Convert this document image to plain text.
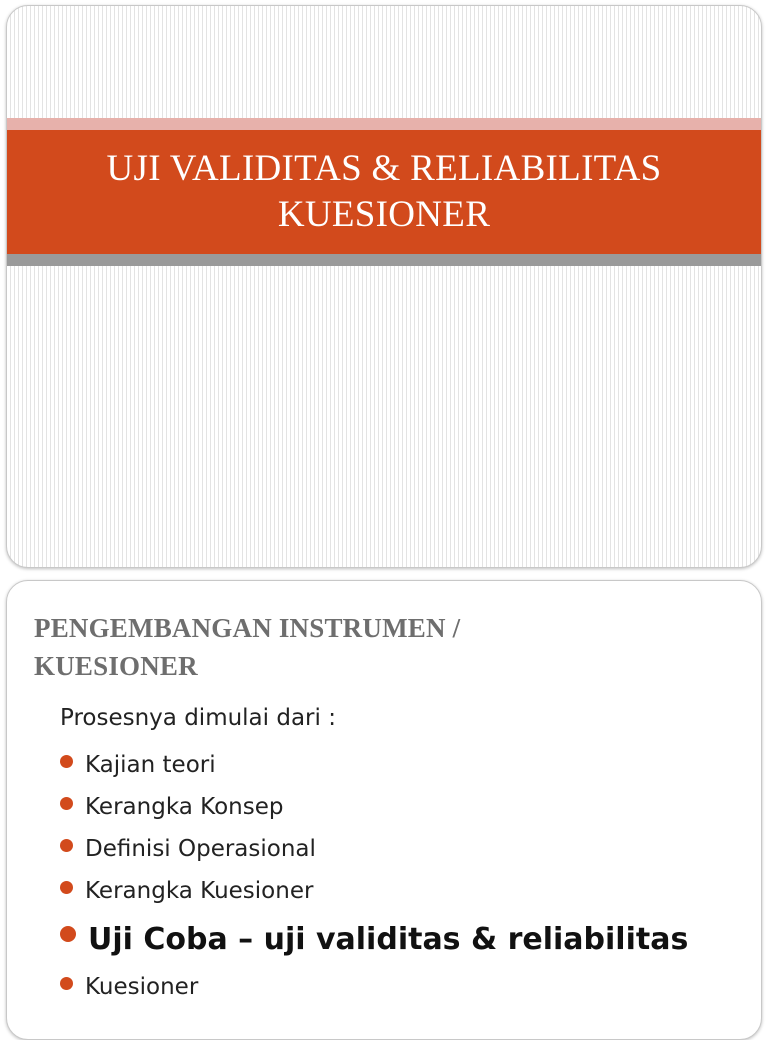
UJI VALIDITAS & RELIABILITAS
KUESIONER
PENGEMBANGAN INSTRUMEN /
KUESIONER
Prosesnya dimulai dari :
Kajian teori
Kerangka Konsep
Definisi Operasional
Kerangka Kuesioner
Uji Coba – uji validitas & reliabilitas
Kuesioner
